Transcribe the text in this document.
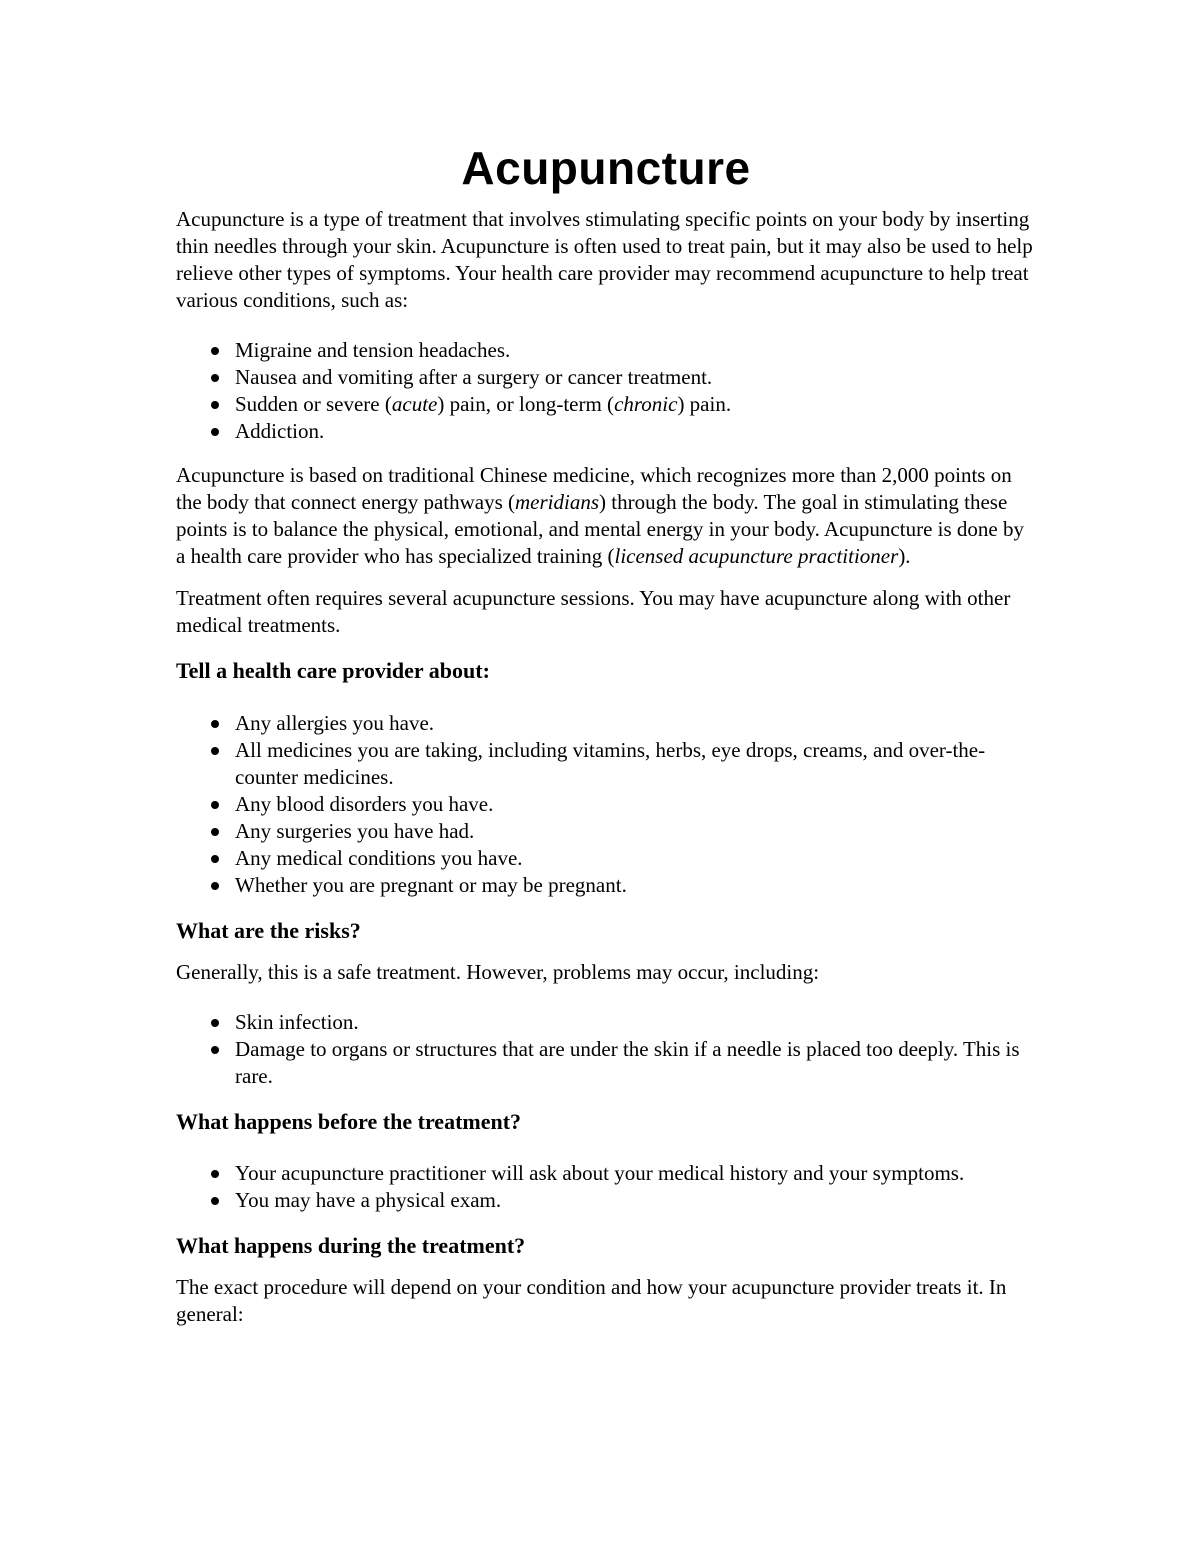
Acupuncture

Acupuncture is a type of treatment that involves stimulating specific points on your body by inserting thin needles through your skin. Acupuncture is often used to treat pain, but it may also be used to help relieve other types of symptoms. Your health care provider may recommend acupuncture to help treat various conditions, such as:

Migraine and tension headaches.
Nausea and vomiting after a surgery or cancer treatment.
Sudden or severe (acute) pain, or long-term (chronic) pain.
Addiction.

Acupuncture is based on traditional Chinese medicine, which recognizes more than 2,000 points on the body that connect energy pathways (meridians) through the body. The goal in stimulating these points is to balance the physical, emotional, and mental energy in your body. Acupuncture is done by a health care provider who has specialized training (licensed acupuncture practitioner).

Treatment often requires several acupuncture sessions. You may have acupuncture along with other medical treatments.

Tell a health care provider about:
Any allergies you have.
All medicines you are taking, including vitamins, herbs, eye drops, creams, and over-the-counter medicines.
Any blood disorders you have.
Any surgeries you have had.
Any medical conditions you have.
Whether you are pregnant or may be pregnant.
What are the risks?

Generally, this is a safe treatment. However, problems may occur, including:

Skin infection.
Damage to organs or structures that are under the skin if a needle is placed too deeply. This is rare.
What happens before the treatment?
Your acupuncture practitioner will ask about your medical history and your symptoms.
You may have a physical exam.
What happens during the treatment?

The exact procedure will depend on your condition and how your acupuncture provider treats it. In general:
